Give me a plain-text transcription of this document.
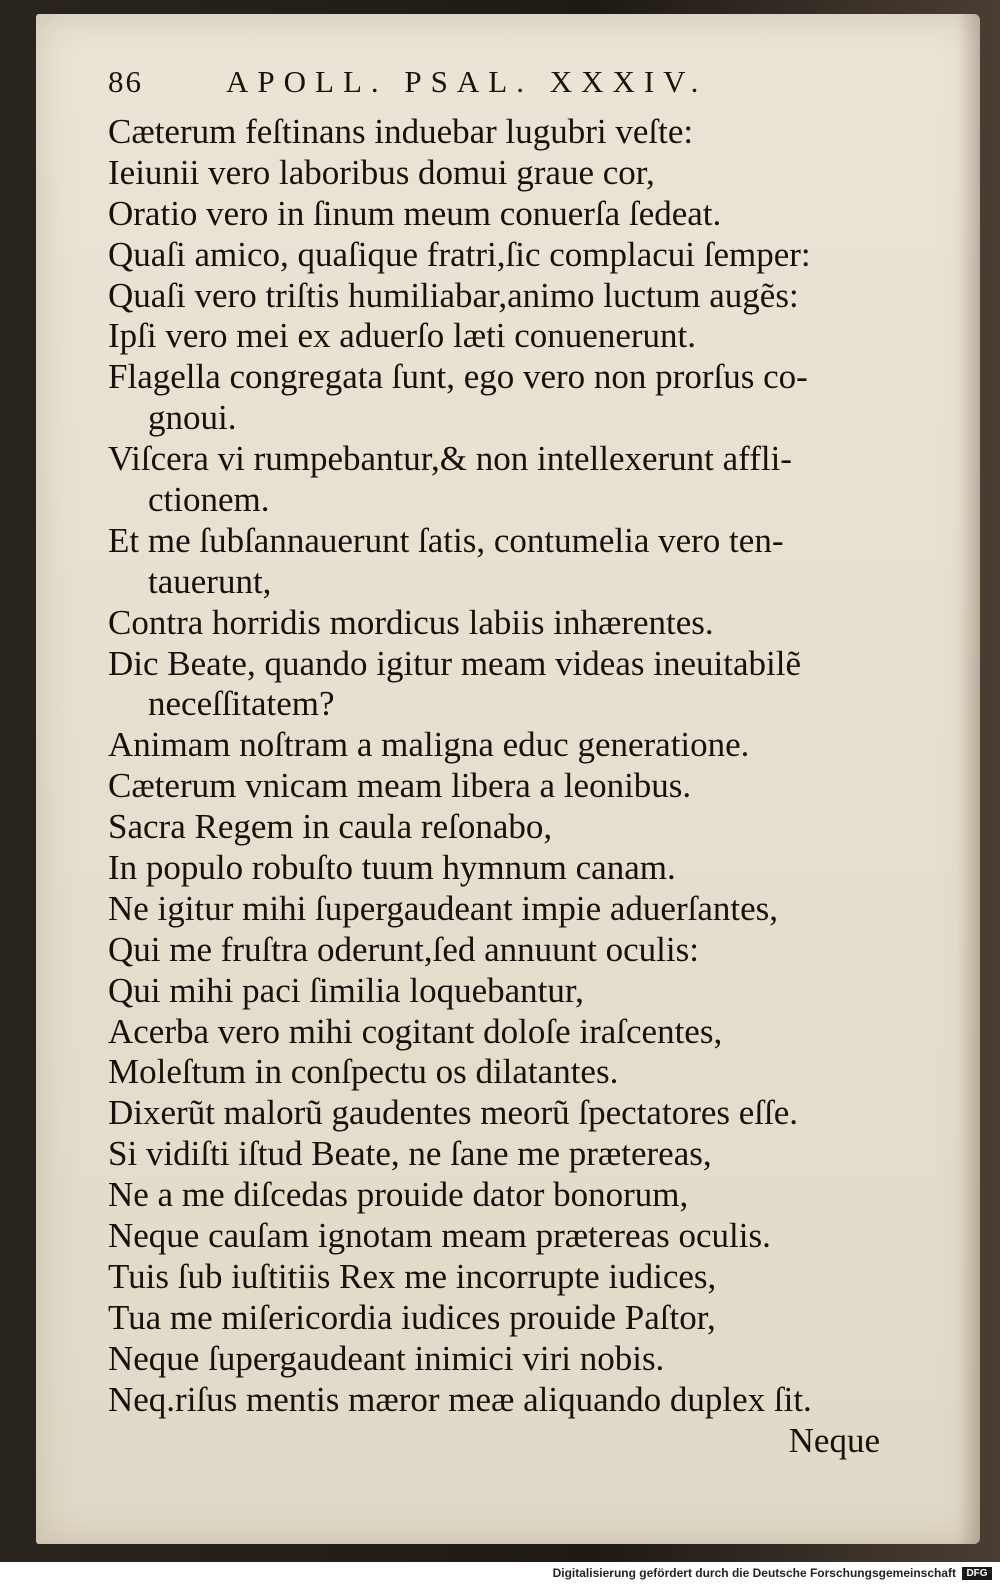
86	APOLL. PSAL. XXXIV.
Cæterum feſtinans induebar lugubri veſte:
Ieiunii vero laboribus domui graue cor,
Oratio vero in ſinum meum conuerſa ſedeat.
Quaſi amico, quaſique fratri,ſic complacui ſemper:
Quaſi vero triſtis humiliabar,animo luctum augẽs:
Ipſi vero mei ex aduerſo læti conuenerunt.
Flagella congregata ſunt, ego vero non prorſus co-
gnoui.
Viſcera vi rumpebantur,& non intellexerunt affli-
ctionem.
Et me ſubſannauerunt ſatis, contumelia vero ten-
tauerunt,
Contra horridis mordicus labiis inhærentes.
Dic Beate, quando igitur meam videas ineuitabilẽ
neceſſitatem?
Animam noſtram a maligna educ generatione.
Cæterum vnicam meam libera a leonibus.
Sacra Regem in caula reſonabo,
In populo robuſto tuum hymnum canam.
Ne igitur mihi ſupergaudeant impie aduerſantes,
Qui me fruſtra oderunt,ſed annuunt oculis:
Qui mihi paci ſimilia loquebantur,
Acerba vero mihi cogitant doloſe iraſcentes,
Moleſtum in conſpectu os dilatantes.
Dixerũt malorũ gaudentes meorũ ſpectatores eſſe.
Si vidiſti iſtud Beate, ne ſane me prætereas,
Ne a me diſcedas prouide dator bonorum,
Neque cauſam ignotam meam prætereas oculis.
Tuis ſub iuſtitiis Rex me incorrupte iudices,
Tua me miſericordia iudices prouide Paſtor,
Neque ſupergaudeant inimici viri nobis.
Neq.riſus mentis mæror meæ aliquando duplex ſit.
Neque
Digitalisierung gefördert durch die Deutsche Forschungsgemeinschaft	DFG
